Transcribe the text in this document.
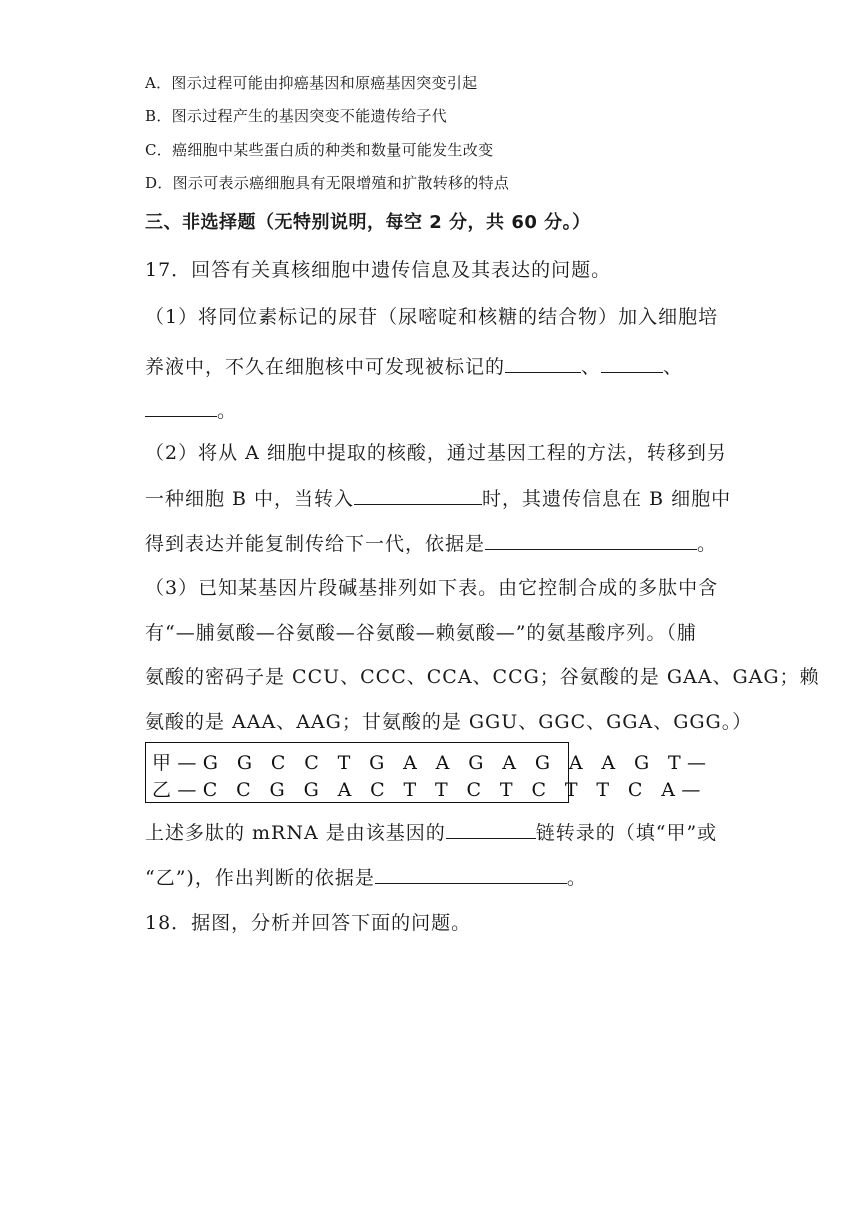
A．图示过程可能由抑癌基因和原癌基因突变引起
B．图示过程产生的基因突变不能遗传给子代
C．癌细胞中某些蛋白质的种类和数量可能发生改变
D．图示可表示癌细胞具有无限增殖和扩散转移的特点
三、非选择题（无特别说明，每空 2 分，共 60 分。）
17．回答有关真核细胞中遗传信息及其表达的问题。
（1）将同位素标记的尿苷（尿嘧啶和核糖的结合物）加入细胞培
养液中，不久在细胞核中可发现被标记的	、	、
。
（2）将从 A 细胞中提取的核酸，通过基因工程的方法，转移到另
一种细胞 B 中，当转入	时，其遗传信息在 B 细胞中
得到表达并能复制传给下一代，依据是	。
（3）已知某基因片段碱基排列如下表。由它控制合成的多肽中含
有“—脯氨酸—谷氨酸—谷氨酸—赖氨酸—”的氨基酸序列。（脯
氨酸的密码子是 CCU、CCC、CCA、CCG；谷氨酸的是 GAA、GAG；赖
氨酸的是 AAA、AAG；甘氨酸的是 GGU、GGC、GGA、GGG。）
甲—G G C C T G A A G A G A A G T—
乙—C C G G A C T T C T C T T C A—
上述多肽的 mRNA 是由该基因的	链转录的（填“甲”或
“乙”)，作出判断的依据是	。
18．据图，分析并回答下面的问题。
